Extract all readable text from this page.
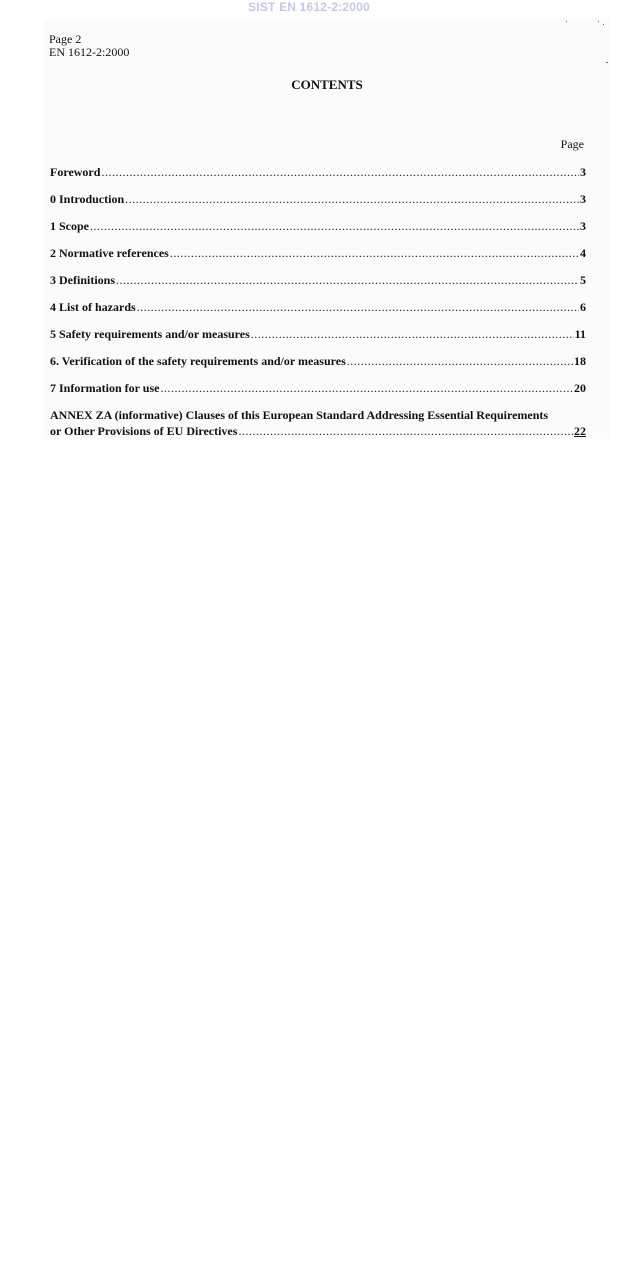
SIST EN 1612-2:2000
Page 2
EN 1612-2:2000
CONTENTS
Page
Foreword .....	3
0 Introduction .....	3
1 Scope .....	3
2 Normative references .....	4
3 Definitions .....	5
4 List of hazards .....	6
5 Safety requirements and/or measures .....	11
6. Verification of the safety requirements and/or measures .....	18
7 Information for use .....	20
ANNEX ZA (informative) Clauses of this European Standard Addressing Essential Requirements
or Other Provisions of EU Directives .....	22
